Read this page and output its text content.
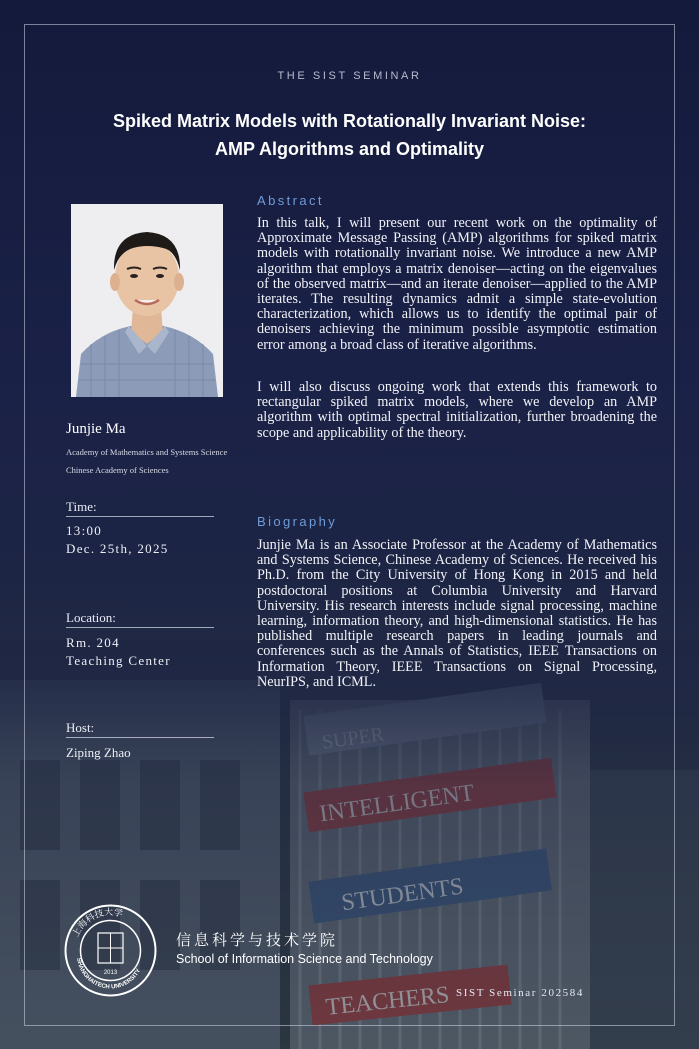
THE SIST SEMINAR
Spiked Matrix Models with Rotationally Invariant Noise:
AMP Algorithms and Optimality
Junjie Ma
Academy of Mathematics and Systems Science
Chinese Academy of Sciences
Time:
13:00
Dec. 25th, 2025
Location:
Rm. 204
Teaching Center
Host:
Ziping Zhao
Abstract
In this talk, I will present our recent work on the optimality of Approximate Message Passing (AMP) algorithms for spiked matrix models with rotationally invariant noise. We introduce a new AMP algorithm that employs a matrix denoiser—acting on the eigenvalues of the observed matrix—and an iterate denoiser—applied to the AMP iterates. The resulting dynamics admit a simple state-evolution characterization, which allows us to identify the optimal pair of denoisers achieving the minimum possible asymptotic estimation error among a broad class of iterative algorithms.
I will also discuss ongoing work that extends this framework to rectangular spiked matrix models, where we develop an AMP algorithm with optimal spectral initialization, further broadening the scope and applicability of the theory.
Biography
Junjie Ma is an Associate Professor at the Academy of Mathematics and Systems Science, Chinese Academy of Sciences. He received his Ph.D. from the City University of Hong Kong in 2015 and held postdoctoral positions at Columbia University and Harvard University. His research interests include signal processing, machine learning, information theory, and high-dimensional statistics. He has published multiple research papers in leading journals and conferences such as the Annals of Statistics, IEEE Transactions on Information Theory, IEEE Transactions on Signal Processing, NeurIPS, and ICML.
上海科技大学
SHANGHAITECH UNIVERSITY
2013
信息科学与技术学院
School of Information Science and Technology
SIST Seminar 202584
